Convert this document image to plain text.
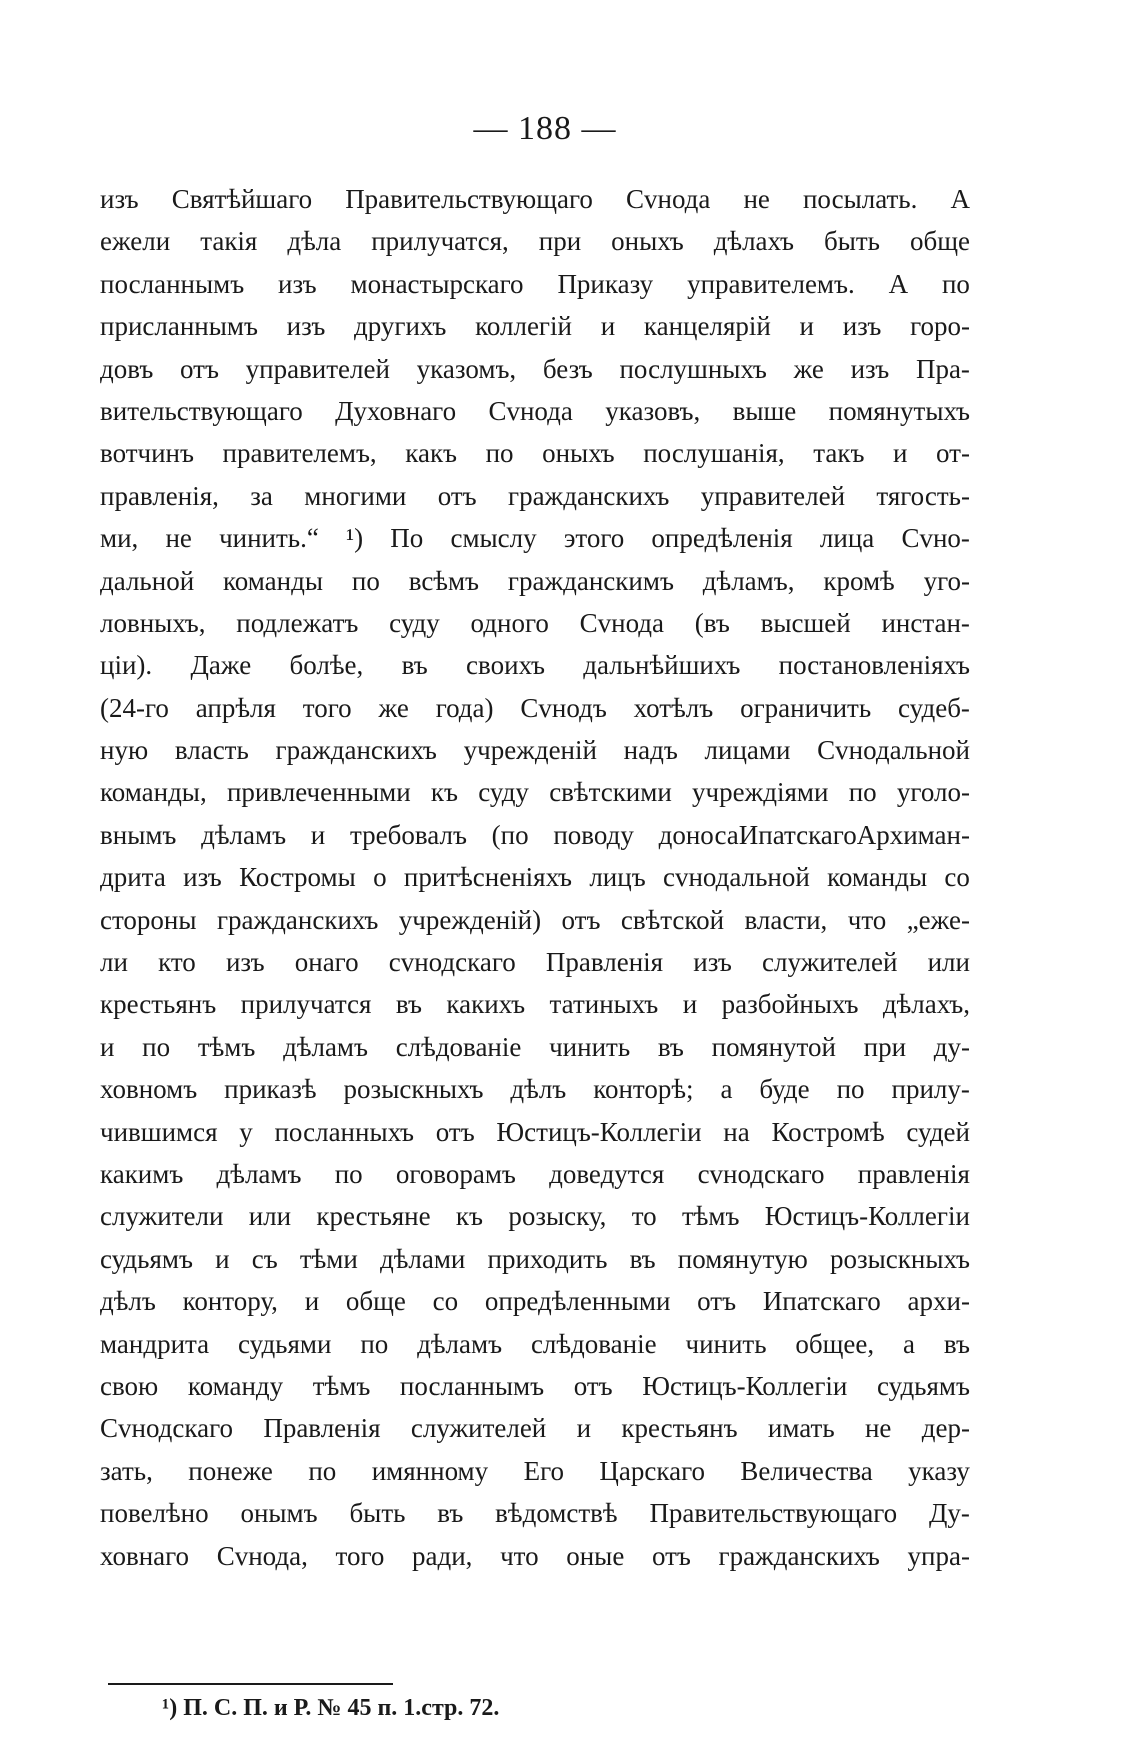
— 188 —
изъ Святѣйшаго Правительствующаго Сvнода не посылать. А
ежели такія дѣла прилучатся, при оныхъ дѣлахъ быть обще
посланнымъ изъ монастырскаго Приказу управителемъ. А по
присланнымъ изъ другихъ коллегій и канцелярій и изъ горо-
довъ отъ управителей указомъ, безъ послушныхъ же изъ Пра-
вительствующаго Духовнаго Сvнода указовъ, выше помянутыхъ
вотчинъ правителемъ, какъ по оныхъ послушанія, такъ и от-
правленія, за многими отъ гражданскихъ управителей тягость-
ми, не чинить.“ ¹) По смыслу этого опредѣленія лица Сvно-
дальной команды по всѣмъ гражданскимъ дѣламъ, кромѣ уго-
ловныхъ, подлежатъ суду одного Сvнода (въ высшей инстан-
ціи). Даже болѣе, въ своихъ дальнѣйшихъ постановленіяхъ
(24-го апрѣля того же года) Сvнодъ хотѣлъ ограничить судеб-
ную власть гражданскихъ учрежденій надъ лицами Сvнодальной
команды, привлеченными къ суду свѣтскими учреждіями по уголо-
внымъ дѣламъ и требовалъ (по поводу доносаИпатскагоАрхиман-
дрита изъ Костромы о притѣсненіяхъ лицъ сvнодальной команды со
стороны гражданскихъ учрежденій) отъ свѣтской власти, что „еже-
ли кто изъ онаго сvнодскаго Правленія изъ служителей или
крестьянъ прилучатся въ какихъ татиныхъ и разбойныхъ дѣлахъ,
и по тѣмъ дѣламъ слѣдованіе чинить въ помянутой при ду-
ховномъ приказѣ розыскныхъ дѣлъ конторѣ; а буде по прилу-
чившимся у посланныхъ отъ Юстицъ-Коллегіи на Костромѣ судей
какимъ дѣламъ по оговорамъ доведутся сvнодскаго правленія
служители или крестьяне къ розыску, то тѣмъ Юстицъ-Коллегіи
судьямъ и съ тѣми дѣлами приходить въ помянутую розыскныхъ
дѣлъ контору, и обще со опредѣленными отъ Ипатскаго архи-
мандрита судьями по дѣламъ слѣдованіе чинить общее, а въ
свою команду тѣмъ посланнымъ отъ Юстицъ-Коллегіи судьямъ
Сvнодскаго Правленія служителей и крестьянъ имать не дер-
зать, понеже по имянному Его Царскаго Величества указу
повелѣно онымъ быть въ вѣдомствѣ Правительствующаго Ду-
ховнаго Сvнода, того ради, что оные отъ гражданскихъ упра-
¹) П. С. П. и Р. № 45 п. 1.стр. 72.
